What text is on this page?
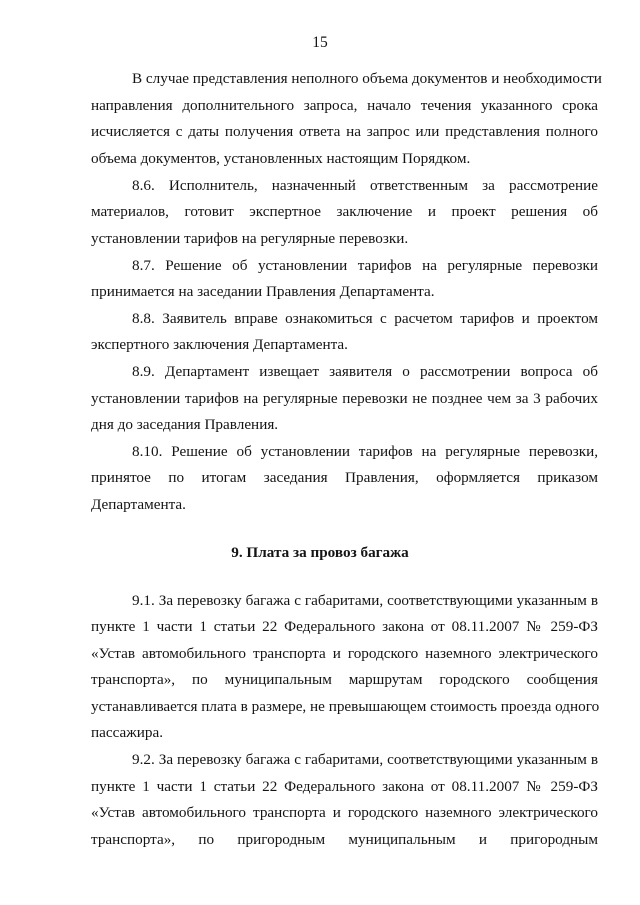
15
В случае представления неполного объема документов и необходимости
направления дополнительного запроса, начало течения указанного срока
исчисляется с даты получения ответа на запрос или представления полного
объема документов, установленных настоящим Порядком.
8.6. Исполнитель, назначенный ответственным за рассмотрение
материалов, готовит экспертное заключение и проект решения об
установлении тарифов на регулярные перевозки.
8.7. Решение об установлении тарифов на регулярные перевозки
принимается на заседании Правления Департамента.
8.8. Заявитель вправе ознакомиться с расчетом тарифов и проектом
экспертного заключения Департамента.
8.9. Департамент извещает заявителя о рассмотрении вопроса об
установлении тарифов на регулярные перевозки не позднее чем за 3 рабочих
дня до заседания Правления.
8.10. Решение об установлении тарифов на регулярные перевозки,
принятое по итогам заседания Правления, оформляется приказом
Департамента.
9. Плата за провоз багажа
9.1. За перевозку багажа с габаритами, соответствующими указанным в
пункте 1 части 1 статьи 22 Федерального закона от 08.11.2007 № 259-ФЗ
«Устав автомобильного транспорта и городского наземного электрического
транспорта», по муниципальным маршрутам городского сообщения
устанавливается плата в размере, не превышающем стоимость проезда одного
пассажира.
9.2. За перевозку багажа с габаритами, соответствующими указанным в
пункте 1 части 1 статьи 22 Федерального закона от 08.11.2007 № 259-ФЗ
«Устав автомобильного транспорта и городского наземного электрического
транспорта», по пригородным муниципальным и пригородным
